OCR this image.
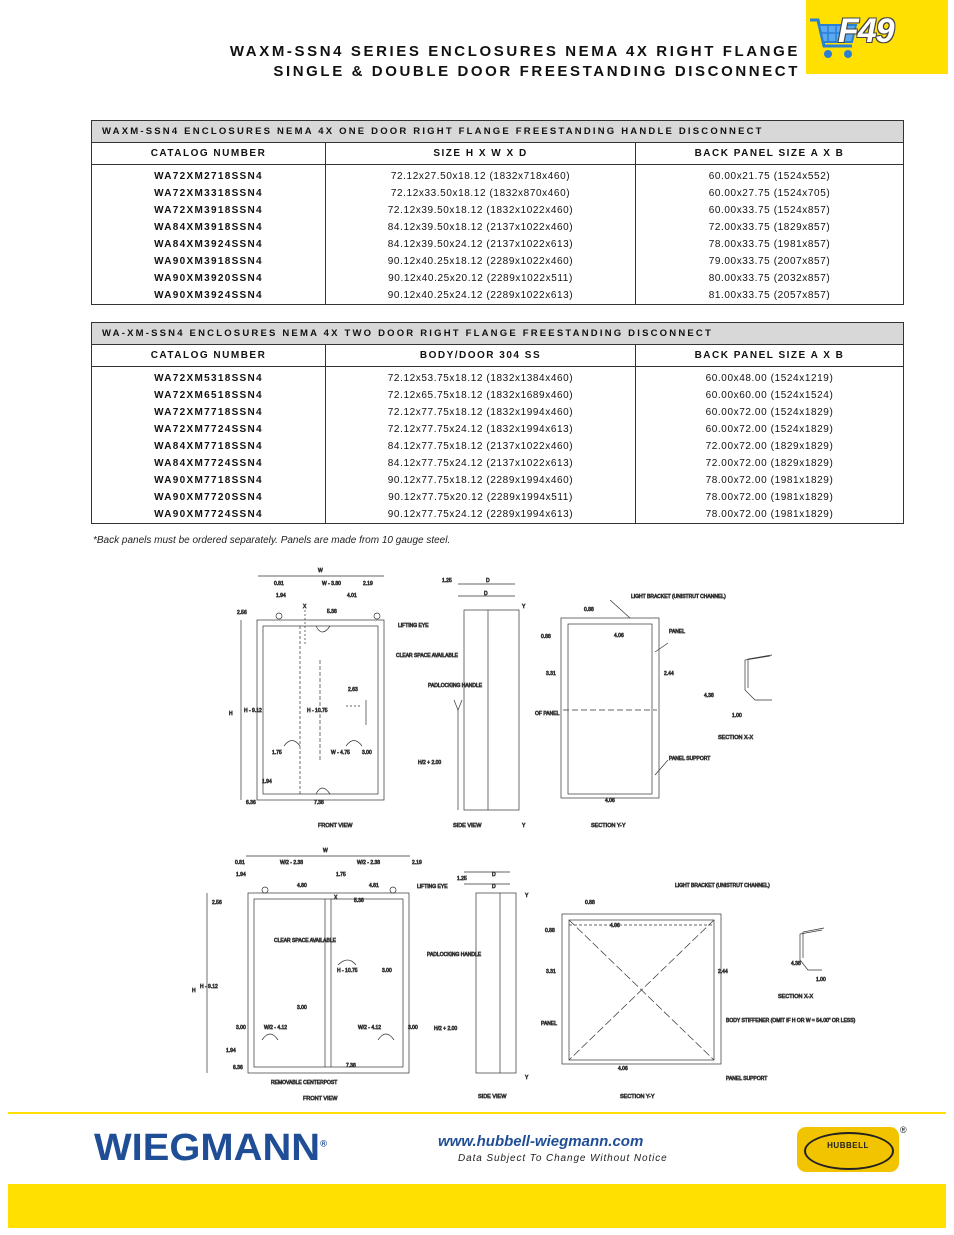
WAXM-SSN4 SERIES ENCLOSURES NEMA 4X RIGHT FLANGE
SINGLE & DOUBLE DOOR FREESTANDING DISCONNECT
F49
WAXM-SSN4 ENCLOSURES NEMA 4X ONE DOOR RIGHT FLANGE FREESTANDING HANDLE DISCONNECT		
CATALOG NUMBER	SIZE H X W X D	BACK PANEL SIZE A X B
WA72XM2718SSN4	72.12x27.50x18.12 (1832x718x460)	60.00x21.75 (1524x552)
WA72XM3318SSN4	72.12x33.50x18.12 (1832x870x460)	60.00x27.75 (1524x705)
WA72XM3918SSN4	72.12x39.50x18.12 (1832x1022x460)	60.00x33.75 (1524x857)
WA84XM3918SSN4	84.12x39.50x18.12 (2137x1022x460)	72.00x33.75 (1829x857)
WA84XM3924SSN4	84.12x39.50x24.12 (2137x1022x613)	78.00x33.75 (1981x857)
WA90XM3918SSN4	90.12x40.25x18.12 (2289x1022x460)	79.00x33.75 (2007x857)
WA90XM3920SSN4	90.12x40.25x20.12 (2289x1022x511)	80.00x33.75 (2032x857)
WA90XM3924SSN4	90.12x40.25x24.12 (2289x1022x613)	81.00x33.75 (2057x857)
WA-XM-SSN4 ENCLOSURES NEMA 4X TWO DOOR RIGHT FLANGE FREESTANDING DISCONNECT		
CATALOG NUMBER	BODY/DOOR 304 SS	BACK PANEL SIZE A X B
WA72XM5318SSN4	72.12x53.75x18.12 (1832x1384x460)	60.00x48.00 (1524x1219)
WA72XM6518SSN4	72.12x65.75x18.12 (1832x1689x460)	60.00x60.00 (1524x1524)
WA72XM7718SSN4	72.12x77.75x18.12 (1832x1994x460)	60.00x72.00 (1524x1829)
WA72XM7724SSN4	72.12x77.75x24.12 (1832x1994x613)	60.00x72.00 (1524x1829)
WA84XM7718SSN4	84.12x77.75x18.12 (2137x1022x460)	72.00x72.00 (1829x1829)
WA84XM7724SSN4	84.12x77.75x24.12 (2137x1022x613)	72.00x72.00 (1829x1829)
WA90XM7718SSN4	90.12x77.75x18.12 (2289x1994x460)	78.00x72.00 (1981x1829)
WA90XM7720SSN4	90.12x77.75x20.12 (2289x1994x511)	78.00x72.00 (1981x1829)
WA90XM7724SSN4	90.12x77.75x24.12 (2289x1994x613)	78.00x72.00 (1981x1829)
*Back panels must be ordered separately. Panels are made from 10 gauge steel.
W
0.81	W - 3.80	2.19
1.94	4.01
X
5.38
2.56
LIFTING EYE
CLEAR SPACE AVAILABLE
H H - 9.12	H - 10.75
2.63
1.75	W - 4.75 3.00
1.94
6.36	7.38
FRONT VIEW
1.25	D
D
Y
PADLOCKING HANDLE
H/2 + 2.00
Y
SIDE VIEW
0.88
LIGHT BRACKET (UNISTRUT CHANNEL)
PANEL
0.88	4.06
3.31	2.44
OF PANEL
PANEL SUPPORT
4.06
SECTION Y-Y
4.38
1.00
SECTION X-X
W
0.81	W/2 - 2.38	W/2 - 2.38	2.19
1.94	1.75
4.80	4.81	LIFTING EYE
2.56
X	5.38
CLEAR SPACE AVAILABLE
H
H - 9.12
H - 10.75	3.00
3.00
W/2 - 4.12	W/2 - 4.12
3.00	3.00
1.94
6.36	7.38
REMOVABLE CENTERPOST
FRONT VIEW
1.25
D
D
Y
PADLOCKING HANDLE
H/2 + 2.00
Y
SIDE VIEW
LIGHT BRACKET (UNISTRUT CHANNEL)
0.88
0.88
4.06
3.31	2.44
PANEL	BODY STIFFENER (OMIT IF H OR W = 54.00" OR LESS)
4.06
PANEL SUPPORT
SECTION Y-Y
4.38
1.00
SECTION X-X
WIEGMANN®	www.hubbell-wiegmann.com
Data Subject To Change Without Notice
HUBBELL
®
